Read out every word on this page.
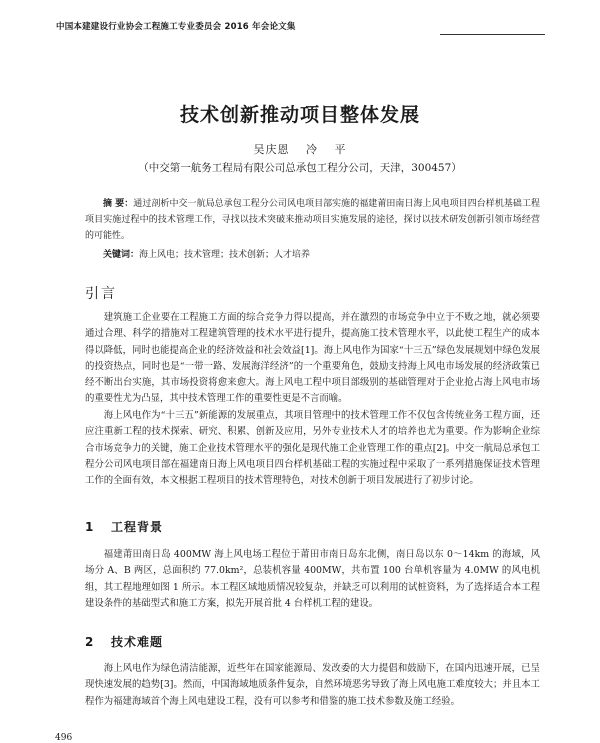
中国本建建设行业协会工程施工专业委员会 2016 年会论文集
技术创新推动项目整体发展
吴庆恩 冷 平
（中交第一航务工程局有限公司总承包工程分公司，天津，300457）
摘 要：通过剖析中交一航局总承包工程分公司风电项目部实施的福建莆田南日海上风电项目四台样机基础工程项目实施过程中的技术管理工作，寻找以技术突破来推动项目实施发展的途径，探讨以技术研发创新引领市场经营的可能性。
关键词：海上风电；技术管理；技术创新；人才培养
引言
建筑施工企业要在工程施工方面的综合竞争力得以提高，并在激烈的市场竞争中立于不败之地，就必须要通过合理、科学的措施对工程建筑管理的技术水平进行提升，提高施工技术管理水平，以此使工程生产的成本得以降低，同时也能提高企业的经济效益和社会效益[1]。海上风电作为国家“十三五”绿色发展规划中绿色发展的投资热点，同时也是“一带一路、发展海洋经济”的一个重要角色，鼓励支持海上风电市场发展的经济政策已经不断出台实施，其市场投资将愈来愈大。海上风电工程中项目部级别的基础管理对于企业抢占海上风电市场的重要性尤为凸显，其中技术管理工作的重要性更是不言而喻。
海上风电作为“十三五”新能源的发展重点，其项目管理中的技术管理工作不仅包含传统业务工程方面，还应注重新工程的技术探索、研究、积累、创新及应用，另外专业技术人才的培养也尤为重要。作为影响企业综合市场竞争力的关键，施工企业技术管理水平的强化是现代施工企业管理工作的重点[2]。中交一航局总承包工程分公司风电项目部在福建南日海上风电项目四台样机基础工程的实施过程中采取了一系列措施保证技术管理工作的全面有效，本文根据工程项目的技术管理特色，对技术创新于项目发展进行了初步讨论。
1 工程背景
福建莆田南日岛 400MW 海上风电场工程位于莆田市南日岛东北侧，南日岛以东 0～14km 的海域，风场分 A、B 两区，总面积约 77.0km²，总装机容量 400MW，共布置 100 台单机容量为 4.0MW 的风电机组，其工程地理如图 1 所示。本工程区域地质情况较复杂，并缺乏可以利用的试桩资料，为了选择适合本工程建设条件的基础型式和施工方案，拟先开展首批 4 台样机工程的建设。
2 技术难题
海上风电作为绿色清洁能源，近些年在国家能源局、发改委的大力提倡和鼓励下，在国内迅速开展，已呈现快速发展的趋势[3]。然而，中国海域地质条件复杂，自然环境恶劣导致了海上风电施工难度较大；并且本工程作为福建海域首个海上风电建设工程，没有可以参考和借鉴的施工技术参数及施工经验。
496
